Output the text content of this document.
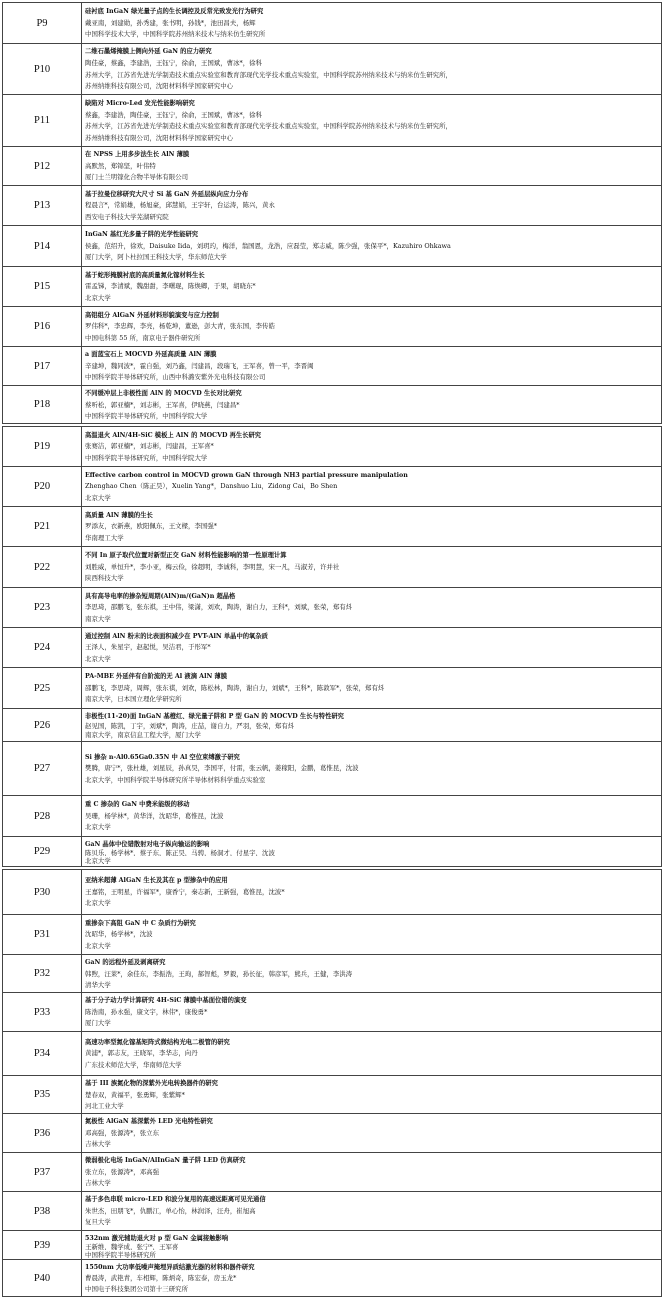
P9
硅衬底 InGaN 绿光量子点的生长调控及反常光致发光行为研究
戴亚南，刘建勋，孙秀建，张书明，孙钱*，池田昌夫，杨辉
中国科学技术大学，中国科学院苏州纳米技术与纳米仿生研究所
P10
二维石墨烯掩膜上侧向外延 GaN 的应力研究
陶佳豪，蔡鑫，李建浩，王钰宁，徐俞，王国斌，曹冰*，徐科
苏州大学，江苏省先进光学制造技术重点实验室和教育部现代光学技术重点实验室，中国科学院苏州纳米技术与纳米仿生研究所，
苏州纳维科技有限公司，沈阳材料科学国家研究中心
P11
缺陷对 Micro-Led 发光性能影响研究
蔡鑫，李建浩，陶佳豪，王钰宁，徐俞，王国斌，曹冰*，徐科
苏州大学，江苏省先进光学制造技术重点实验室和教育部现代光学技术重点实验室，中国科学院苏州纳米技术与纳米仿生研究所，
苏州纳维科技有限公司，沈阳材料科学国家研究中心
P12
在 NPSS 上用多步法生长 AlN 薄膜
高默然，郑锦坚，叶伟特
厦门士兰明镓化合物半导体有限公司
P13
基于拉曼位移研究大尺寸 Si 基 GaN 外延层纵向应力分布
程晨言*，常娟雄，杨旭豪，邱慧娟，王宇轩，台运涛，陈兴，黄永
西安电子科技大学芜湖研究院
P14
InGaN 基红光多量子阱的光学性能研究
侯鑫，范绍升，徐欢，Daisuke Iida，刘玥玓，梅洋，翁国恩，龙浩，应磊莹，郑志威，陈少强，张保平*，Kazuhiro Ohkawa
厦门大学，阿卜杜拉国王科技大学，华东师范大学
P15
基于蛇形掩膜衬底的高质量氮化镓材料生长
雷孟锑，李清斌，魏甜甜，李曙琨，陈焕卿，于果，胡晓东*
北京大学
P16
高铝组分 AlGaN 外延材料形貌演变与应力控制
罗伟科*，李忠辉，李亮，杨乾坤，董逊，彭大青，张东国，李传皓
中国电科第 55 所，南京电子器件研究所
P17
a 面蓝宝石上 MOCVD 外延高质量 AlN 薄膜
辛建坤，魏同波*，霍自强，刘乃鑫，闫建昌，段瑞飞，王军喜，曾一平，李晋闽
中国科学院半导体研究所，山西中科潞安紫外光电科技有限公司
P18
不同缓冲层上非极性面 AlN 的 MOCVD 生长对比研究
蔡听松，郭亚楠*，刘志彬，王军喜，伊晓燕，闫建昌*
中国科学院半导体研究所，中国科学院大学
P19
高温退火 AlN/4H-SiC 模板上 AlN 的 MOCVD 再生长研究
张赛洁，郭亚楠*，刘志彬，闫建昌，王军喜*
中国科学院半导体研究所，中国科学院大学
P20
Effective carbon control in MOCVD grown GaN through NH3 partial pressure manipulation
Zhenghao Chen（陈正昊），Xuelin Yang*，Danshuo Liu，Zidong Cai，Bo Shen
北京大学
P21
高质量 AlN 薄膜的生长
罗添友，衣新燕，欧阳佩东，王文樑，李国强*
华南理工大学
P22
不同 In 原子取代位置对新型正交 GaN 材料性能影响的第一性原理计算
刘胜威，单恒升*，李小亚，梅云俭，徐超明，李诚科，李明慧，宋一凡，马淑芳，许并社
陕西科技大学
P23
具有高导电率的掺杂短周期(AlN)m/(GaN)n 超晶格
李思琦，邵鹏飞，张东祺，王中伟，梁潇，刘欢，陶涛，谢自力，王科*，刘斌，张荣，郑有炓
南京大学
P24
通过控制 AlN 粉末的比表面积减少在 PVT-AlN 单晶中的氧杂质
王泽人，朱星宇，赵起悦，吴洁君，于彤军*
北京大学
P25
PA-MBE 外延伴有台阶流的无 Al 液滴 AlN 薄膜
邵鹏飞，李思琦，周辉，张东祺，刘欢，陈松林，陶涛，谢自力，刘斌*，王科*，陈敦军*，张荣，郑有炓
南京大学，日本国立理化学研究所
P26
非极性(11-20)面 InGaN 基橙红、绿光量子阱和 P 型 GaN 的 MOCVD 生长与特性研究
赵见国，陈凯，丁宇，刘斌*，陶涛，庄喆，谢自力，严羽，张荣，郑有炓
南京大学，南京信息工程大学，厦门大学
P27
Si 掺杂 n-Al0.65Ga0.35N 中 Al 空位束缚激子研究
樊腾，唐宁*，张杜雄，刘星辰，孙真昊，李国平，付雷，张云帆，姜稼阳，金鹏，葛惟昆，沈波
北京大学，中国科学院半导体研究所半导体材料科学重点实验室
P28
重 C 掺杂的 GaN 中费米能级的移动
吴珊，杨学林*，黄华洋，沈昭华，葛惟昆，沈波
北京大学
P29
GaN 晶体中位错散射对电子纵向输运的影响
陈贝乐，杨学林*，蔡子东，陈正昊，马骋，杨洞才，付星宇，沈波
北京大学
P30
亚纳米超薄 AlGaN 生长及其在 p 型掺杂中的应用
王嘉铭，王明星，许福军*，康香宁，秦志新，王新强，葛惟昆，沈波*
北京大学
P31
重掺杂下高阻 GaN 中 C 杂质行为研究
沈昭华，杨学林*，沈波
北京大学
P32
GaN 的远程外延及剥离研究
韩煦，汪莱*，余佳东，李振浩，王珣，郝智彪，罗毅，孙长征，韩彦军，熊兵，王健，李洪涛
清华大学
P33
基于分子动力学计算研究 4H-SiC 薄膜中基面位错的演变
陈浩南，孙永强，康文宇，林伟*，康俊勇*
厦门大学
P34
高速功率型氮化镓基矩阵式微结构光电二极管的研究
黄浦*，郭志友，王晓军，李华志，向丹
广东技术师范大学，华南师范大学
P35
基于 III 族氮化物的深紫外光电转换器件的研究
楚春双，黄福平，张勇辉，张紫辉*
河北工业大学
P36
氮极性 AlGaN 基深紫外 LED 光电特性研究
邓高强，张源涛*，张立东
吉林大学
P37
微弱极化电场 InGaN/AlInGaN 量子阱 LED 仿真研究
张立东，张源涛*，邓高强
吉林大学
P38
基于多色串联 micro-LED 和波分复用的高速远距离可见光通信
朱世杰，田朋飞*，仇鹏江，单心怡，林润泽，汪舟，崔旭高
复旦大学
P39
532nm 激光辅助退火对 p 型 GaN 金属接触影响
王新维，魏学成，张宁*，王军喜
中国科学院半导体研究所
P40
1550nm 大功率低噪声掩埋异质结激光器的材料和器件研究
曹晨涛，武艳青，车相辉，陈炳奇，陈宏泰，房玉龙*
中国电子科技集团公司第十三研究所
